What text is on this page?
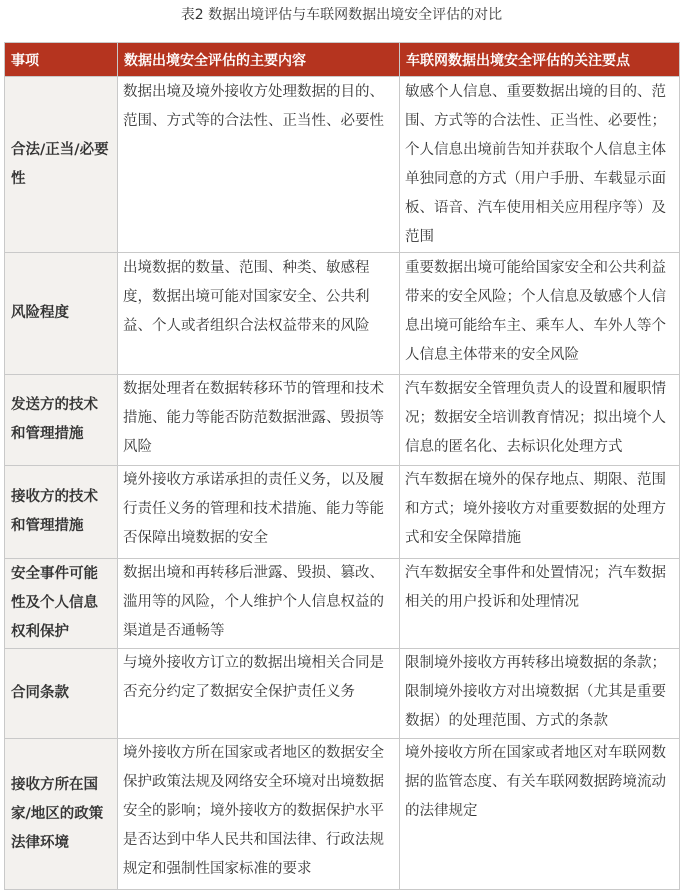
表2 数据出境评估与车联网数据出境安全评估的对比
事项	数据出境安全评估的主要内容	车联网数据出境安全评估的关注要点
合法/正当/必要性	数据出境及境外接收方处理数据的目的、范围、方式等的合法性、正当性、必要性	敏感个人信息、重要数据出境的目的、范围、方式等的合法性、正当性、必要性；个人信息出境前告知并获取个人信息主体单独同意的方式（用户手册、车载显示面板、语音、汽车使用相关应用程序等）及范围
风险程度	出境数据的数量、范围、种类、敏感程度，数据出境可能对国家安全、公共利益、个人或者组织合法权益带来的风险	重要数据出境可能给国家安全和公共利益带来的安全风险；个人信息及敏感个人信息出境可能给车主、乘车人、车外人等个人信息主体带来的安全风险
发送方的技术和管理措施	数据处理者在数据转移环节的管理和技术措施、能力等能否防范数据泄露、毁损等风险	汽车数据安全管理负责人的设置和履职情况；数据安全培训教育情况；拟出境个人信息的匿名化、去标识化处理方式
接收方的技术和管理措施	境外接收方承诺承担的责任义务，以及履行责任义务的管理和技术措施、能力等能否保障出境数据的安全	汽车数据在境外的保存地点、期限、范围和方式；境外接收方对重要数据的处理方式和安全保障措施
安全事件可能性及个人信息权利保护	数据出境和再转移后泄露、毁损、篡改、滥用等的风险，个人维护个人信息权益的渠道是否通畅等	汽车数据安全事件和处置情况；汽车数据相关的用户投诉和处理情况
合同条款	与境外接收方订立的数据出境相关合同是否充分约定了数据安全保护责任义务	限制境外接收方再转移出境数据的条款；限制境外接收方对出境数据（尤其是重要数据）的处理范围、方式的条款
接收方所在国家/地区的政策法律环境	境外接收方所在国家或者地区的数据安全保护政策法规及网络安全环境对出境数据安全的影响；境外接收方的数据保护水平是否达到中华人民共和国法律、行政法规规定和强制性国家标准的要求	境外接收方所在国家或者地区对车联网数据的监管态度、有关车联网数据跨境流动的法律规定
